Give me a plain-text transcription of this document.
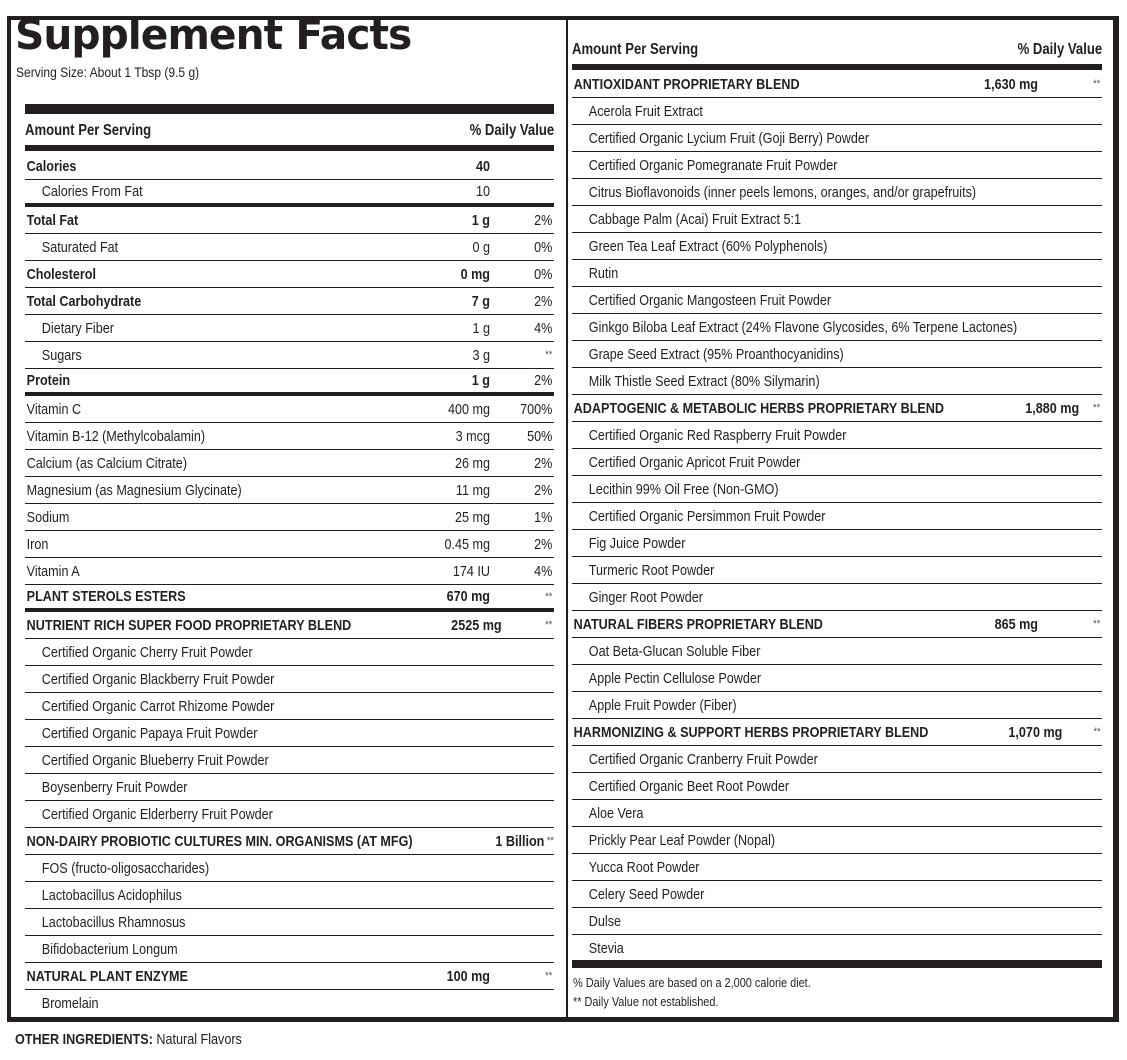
Supplement Facts
Serving Size: About 1 Tbsp (9.5 g)
Amount Per Serving	% Daily Value
Calories	40
Calories From Fat	10
Total Fat	1 g	2%
Saturated Fat	0 g	0%
Cholesterol	0 mg	0%
Total Carbohydrate	7 g	2%
Dietary Fiber	1 g	4%
Sugars	3 g	**
Protein	1 g	2%
Vitamin C	400 mg	700%
Vitamin B-12 (Methylcobalamin)	3 mcg	50%
Calcium (as Calcium Citrate)	26 mg	2%
Magnesium (as Magnesium Glycinate)	11 mg	2%
Sodium	25 mg	1%
Iron	0.45 mg	2%
Vitamin A	174 IU	4%
PLANT STEROLS ESTERS	670 mg	**
NUTRIENT RICH SUPER FOOD PROPRIETARY BLEND	2525 mg	**
Certified Organic Cherry Fruit Powder
Certified Organic Blackberry Fruit Powder
Certified Organic Carrot Rhizome Powder
Certified Organic Papaya Fruit Powder
Certified Organic Blueberry Fruit Powder
Boysenberry Fruit Powder
Certified Organic Elderberry Fruit Powder
NON-DAIRY PROBIOTIC CULTURES MIN. ORGANISMS (AT MFG)	1 Billion **
FOS (fructo-oligosaccharides)
Lactobacillus Acidophilus
Lactobacillus Rhamnosus
Bifidobacterium Longum
NATURAL PLANT ENZYME	100 mg	**
Bromelain
Amount Per Serving	% Daily Value
ANTIOXIDANT PROPRIETARY BLEND	1,630 mg	**
Acerola Fruit Extract
Certified Organic Lycium Fruit (Goji Berry) Powder
Certified Organic Pomegranate Fruit Powder
Citrus Bioflavonoids (inner peels lemons, oranges, and/or grapefruits)
Cabbage Palm (Acai) Fruit Extract 5:1
Green Tea Leaf Extract (60% Polyphenols)
Rutin
Certified Organic Mangosteen Fruit Powder
Ginkgo Biloba Leaf Extract (24% Flavone Glycosides, 6% Terpene Lactones)
Grape Seed Extract (95% Proanthocyanidins)
Milk Thistle Seed Extract (80% Silymarin)
ADAPTOGENIC & METABOLIC HERBS PROPRIETARY BLEND	1,880 mg	**
Certified Organic Red Raspberry Fruit Powder
Certified Organic Apricot Fruit Powder
Lecithin 99% Oil Free (Non-GMO)
Certified Organic Persimmon Fruit Powder
Fig Juice Powder
Turmeric Root Powder
Ginger Root Powder
NATURAL FIBERS PROPRIETARY BLEND	865 mg	**
Oat Beta-Glucan Soluble Fiber
Apple Pectin Cellulose Powder
Apple Fruit Powder (Fiber)
HARMONIZING & SUPPORT HERBS PROPRIETARY BLEND	1,070 mg	**
Certified Organic Cranberry Fruit Powder
Certified Organic Beet Root Powder
Aloe Vera
Prickly Pear Leaf Powder (Nopal)
Yucca Root Powder
Celery Seed Powder
Dulse
Stevia
% Daily Values are based on a 2,000 calorie diet.
** Daily Value not established.
OTHER INGREDIENTS: Natural Flavors
